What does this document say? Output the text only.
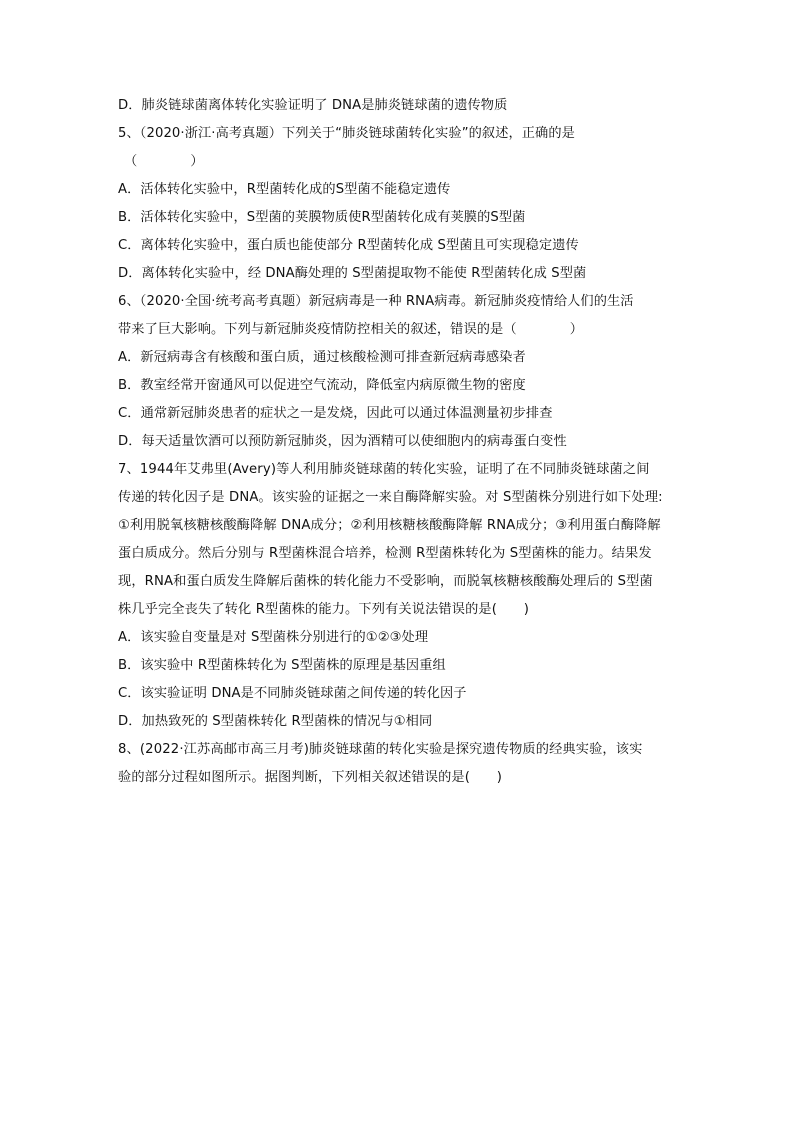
D．肺炎链球菌离体转化实验证明了 DNA是肺炎链球菌的遗传物质
5、（2020·浙江·高考真题）下列关于“肺炎链球菌转化实验”的叙述，正确的是
（　　　　）
A．活体转化实验中，R型菌转化成的S型菌不能稳定遗传
B．活体转化实验中，S型菌的荚膜物质使R型菌转化成有荚膜的S型菌
C．离体转化实验中，蛋白质也能使部分 R型菌转化成 S型菌且可实现稳定遗传
D．离体转化实验中，经 DNA酶处理的 S型菌提取物不能使 R型菌转化成 S型菌
6、（2020·全国·统考高考真题）新冠病毒是一种 RNA病毒。新冠肺炎疫情给人们的生活
带来了巨大影响。下列与新冠肺炎疫情防控相关的叙述，错误的是（　　　　）
A．新冠病毒含有核酸和蛋白质，通过核酸检测可排查新冠病毒感染者
B．教室经常开窗通风可以促进空气流动，降低室内病原微生物的密度
C．通常新冠肺炎患者的症状之一是发烧，因此可以通过体温测量初步排查
D．每天适量饮酒可以预防新冠肺炎，因为酒精可以使细胞内的病毒蛋白变性
7、1944年艾弗里(Avery)等人利用肺炎链球菌的转化实验，证明了在不同肺炎链球菌之间
传递的转化因子是 DNA。该实验的证据之一来自酶降解实验。对 S型菌株分别进行如下处理:
①利用脱氧核糖核酸酶降解 DNA成分；②利用核糖核酸酶降解 RNA成分；③利用蛋白酶降解
蛋白质成分。然后分别与 R型菌株混合培养，检测 R型菌株转化为 S型菌株的能力。结果发
现，RNA和蛋白质发生降解后菌株的转化能力不受影响，而脱氧核糖核酸酶处理后的 S型菌
株几乎完全丧失了转化 R型菌株的能力。下列有关说法错误的是(　　)
A．该实验自变量是对 S型菌株分别进行的①②③处理
B．该实验中 R型菌株转化为 S型菌株的原理是基因重组
C．该实验证明 DNA是不同肺炎链球菌之间传递的转化因子
D．加热致死的 S型菌株转化 R型菌株的情况与①相同
8、(2022·江苏高邮市高三月考)肺炎链球菌的转化实验是探究遗传物质的经典实验，该实
验的部分过程如图所示。据图判断，下列相关叙述错误的是(　　)
